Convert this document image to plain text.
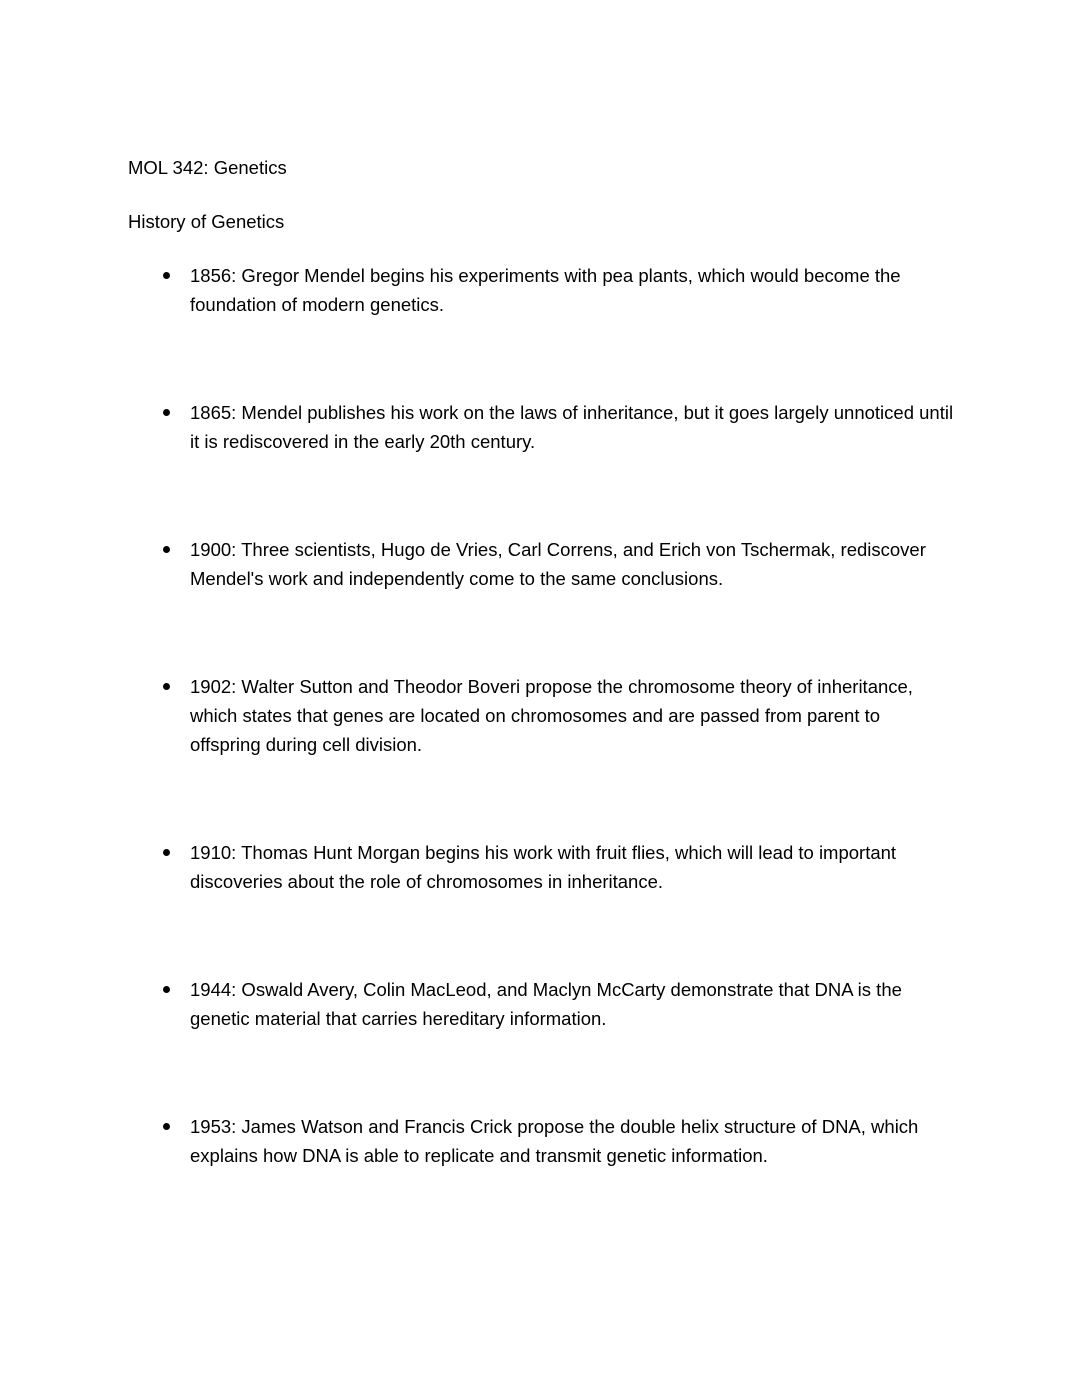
MOL 342: Genetics

History of Genetics

1856: Gregor Mendel begins his experiments with pea plants, which would become the foundation of modern genetics.
1865: Mendel publishes his work on the laws of inheritance, but it goes largely unnoticed until it is rediscovered in the early 20th century.
1900: Three scientists, Hugo de Vries, Carl Correns, and Erich von Tschermak, rediscover Mendel's work and independently come to the same conclusions.
1902: Walter Sutton and Theodor Boveri propose the chromosome theory of inheritance, which states that genes are located on chromosomes and are passed from parent to offspring during cell division.
1910: Thomas Hunt Morgan begins his work with fruit flies, which will lead to important discoveries about the role of chromosomes in inheritance.
1944: Oswald Avery, Colin MacLeod, and Maclyn McCarty demonstrate that DNA is the genetic material that carries hereditary information.
1953: James Watson and Francis Crick propose the double helix structure of DNA, which explains how DNA is able to replicate and transmit genetic information.
